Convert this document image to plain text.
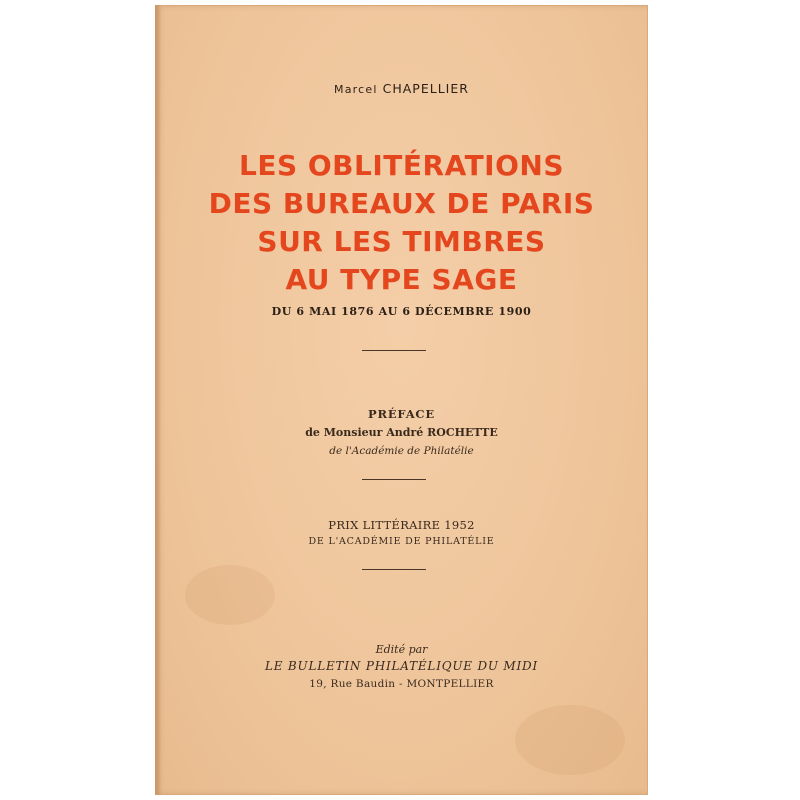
Marcel CHAPELLIER
LES OBLITÉRATIONS
DES BUREAUX DE PARIS
SUR LES TIMBRES
AU TYPE SAGE
DU 6 MAI 1876 AU 6 DÉCEMBRE 1900
PRÉFACE
de Monsieur André ROCHETTE
de l'Académie de Philatélie
PRIX LITTÉRAIRE 1952
DE L'ACADÉMIE DE PHILATÉLIE
Edité par
LE BULLETIN PHILATÉLIQUE DU MIDI
19, Rue Baudin - MONTPELLIER
